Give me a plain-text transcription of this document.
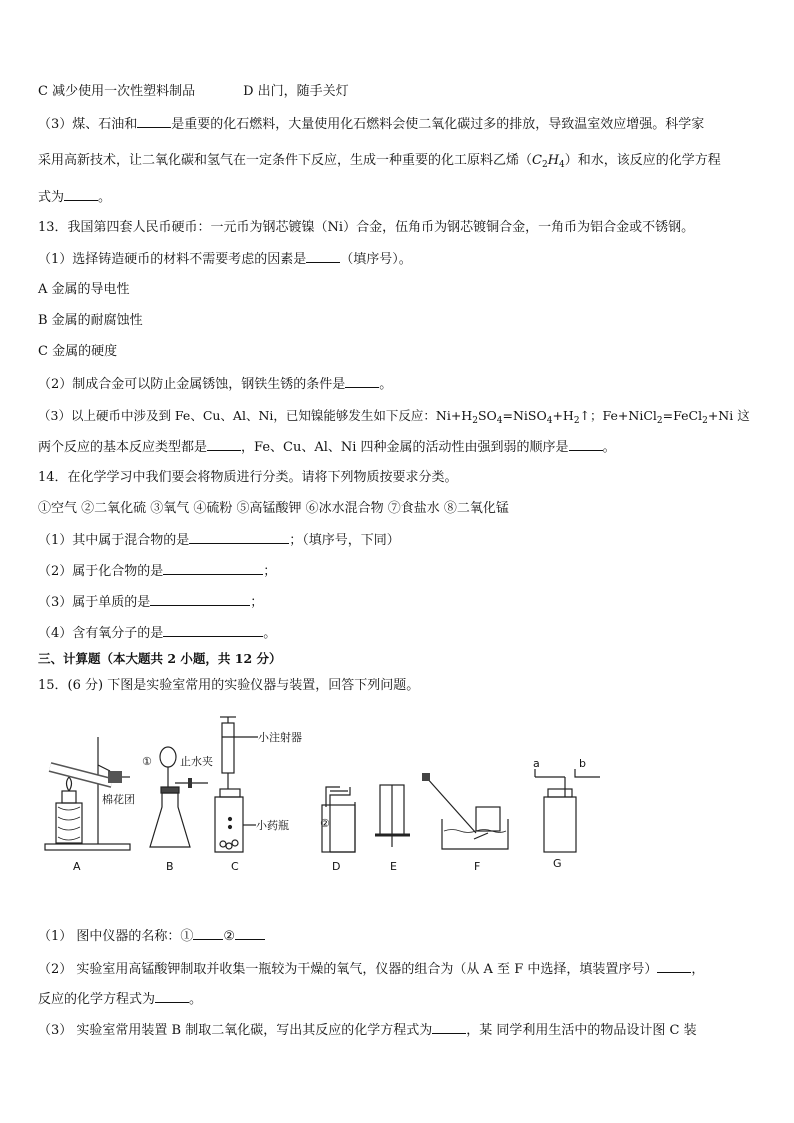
C 减少使用一次性塑料制品	D 出门，随手关灯
（3）煤、石油和	是重要的化石燃料，大量使用化石燃料会使二氧化碳过多的排放，导致温室效应增强。科学家
采用高新技术，让二氧化碳和氢气在一定条件下反应，生成一种重要的化工原料乙烯$(C_2H_4)$和水，该反应的化学方程
式为	。
13．我国第四套人民币硬币：一元币为钢芯镀镍（Ni）合金，伍角币为钢芯镀铜合金，一角币为铝合金或不锈钢。
（1）选择铸造硬币的材料不需要考虑的因素是	（填序号）。
A 金属的导电性
B 金属的耐腐蚀性
C 金属的硬度
（2）制成合金可以防止金属锈蚀，钢铁生锈的条件是	。
（3）以上硬币中涉及到 Fe、Cu、Al、Ni，已知镍能够发生如下反应：$Ni+H_2SO_4=NiSO_4+H_2↑$；Fe+NiCl$_2$=FeCl$_2$+Ni 这
两个反应的基本反应类型都是	，Fe、Cu、Al、Ni 四种金属的活动性由强到弱的顺序是	。
14．在化学学习中我们要会将物质进行分类。请将下列物质按要求分类。
①空气 ②二氧化硫 ③氧气 ④硫粉 ⑤高锰酸钾 ⑥冰水混合物 ⑦食盐水 ⑧二氧化锰
（1）其中属于混合物的是	；（填序号，下同）
（2）属于化合物的是	；
（3）属于单质的是	；
（4）含有氧分子的是	。
三、计算题（本大题共 2 小题，共 12 分）
15．(6 分) 下图是实验室常用的实验仪器与装置，回答下列问题。
棉花团
①	止水夹
小注射器
小药瓶	②
a	b
A	B	C	D	E	F	G
（1） 图中仪器的名称：① ②
（2） 实验室用高锰酸钾制取并收集一瓶较为干燥的氧气，仪器的组合为（从 A 至 F 中选择，填装置序号）	，
反应的化学方程式为	。
（3） 实验室常用装置 B 制取二氧化碳，写出其反应的化学方程式为	，某 同学利用生活中的物品设计图 C 装
